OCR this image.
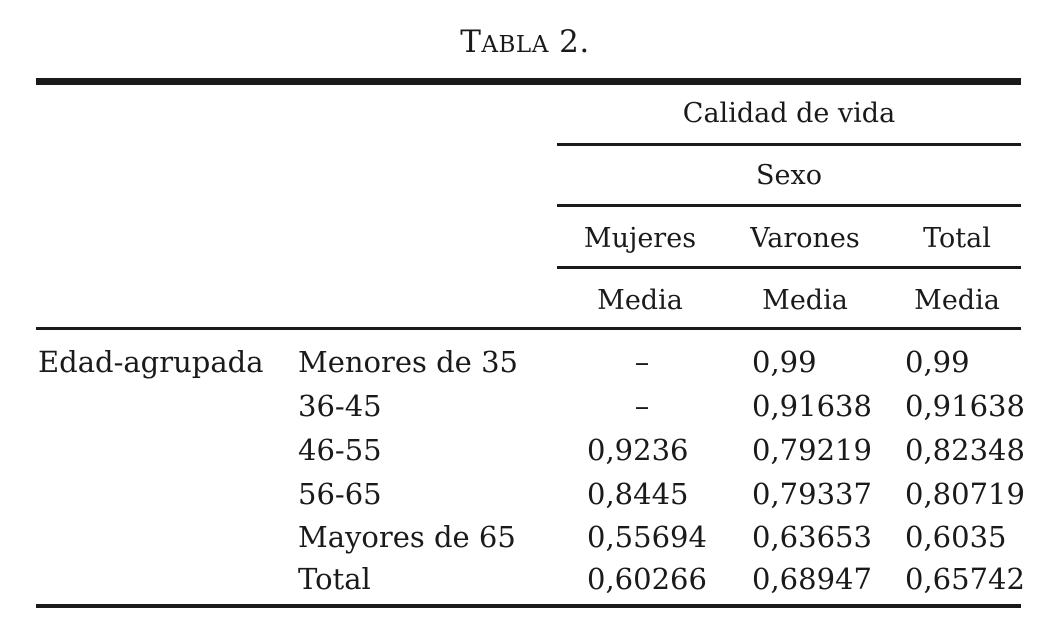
TABLA 2.
Calidad de vida
Sexo
Mujeres Varones	Total
Media	Media	Media
Edad-agrupada Menores de 35	–	0,99	0,99
36-45	–	0,91638 0,91638
46-55	0,9236 0,79219 0,82348
56-65	0,8445 0,79337 0,80719
Mayores de 65 0,55694 0,63653 0,6035
Total	0,60266 0,68947 0,65742
